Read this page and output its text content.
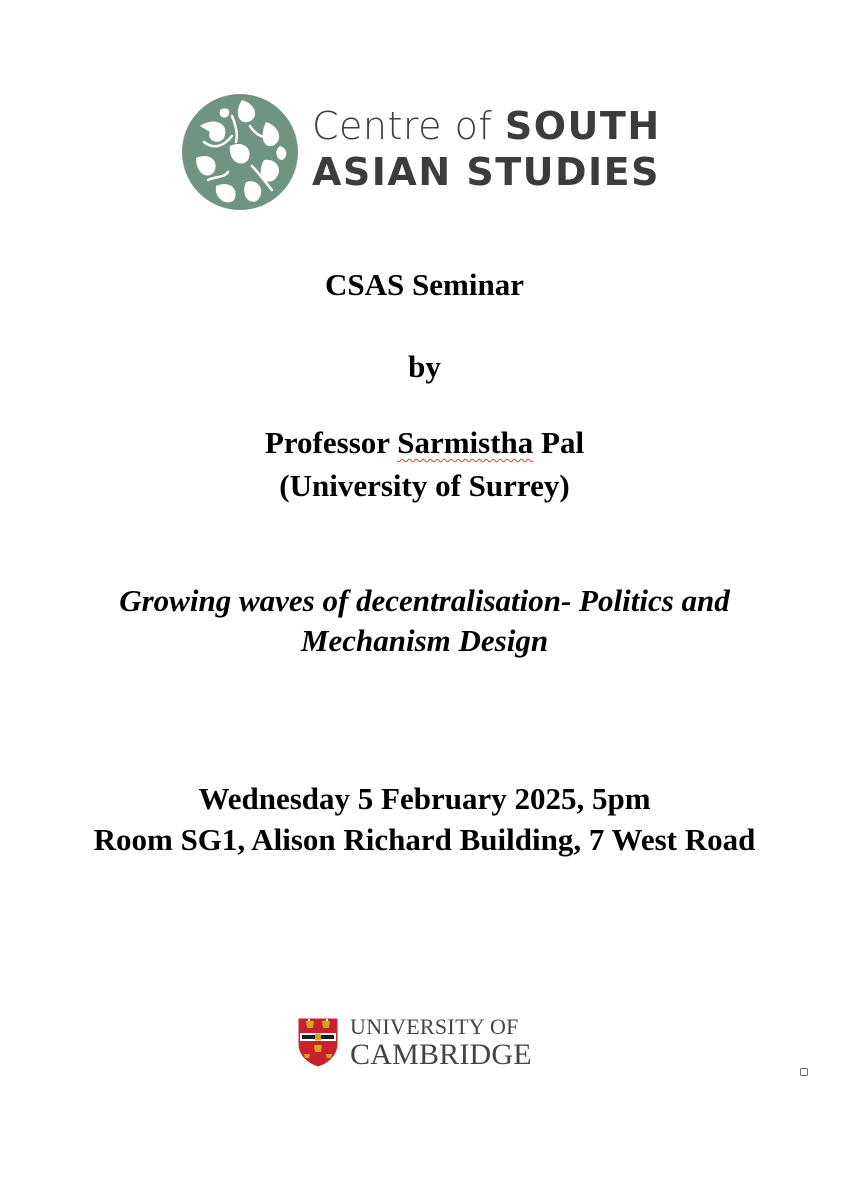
Centre of SOUTH
ASIAN STUDIES
CSAS Seminar
by
Professor Sarmistha Pal
(University of Surrey)
Growing waves of decentralisation- Politics and
Mechanism Design
Wednesday 5 February 2025, 5pm
Room SG1, Alison Richard Building, 7 West Road
UNIVERSITY OF
CAMBRIDGE
